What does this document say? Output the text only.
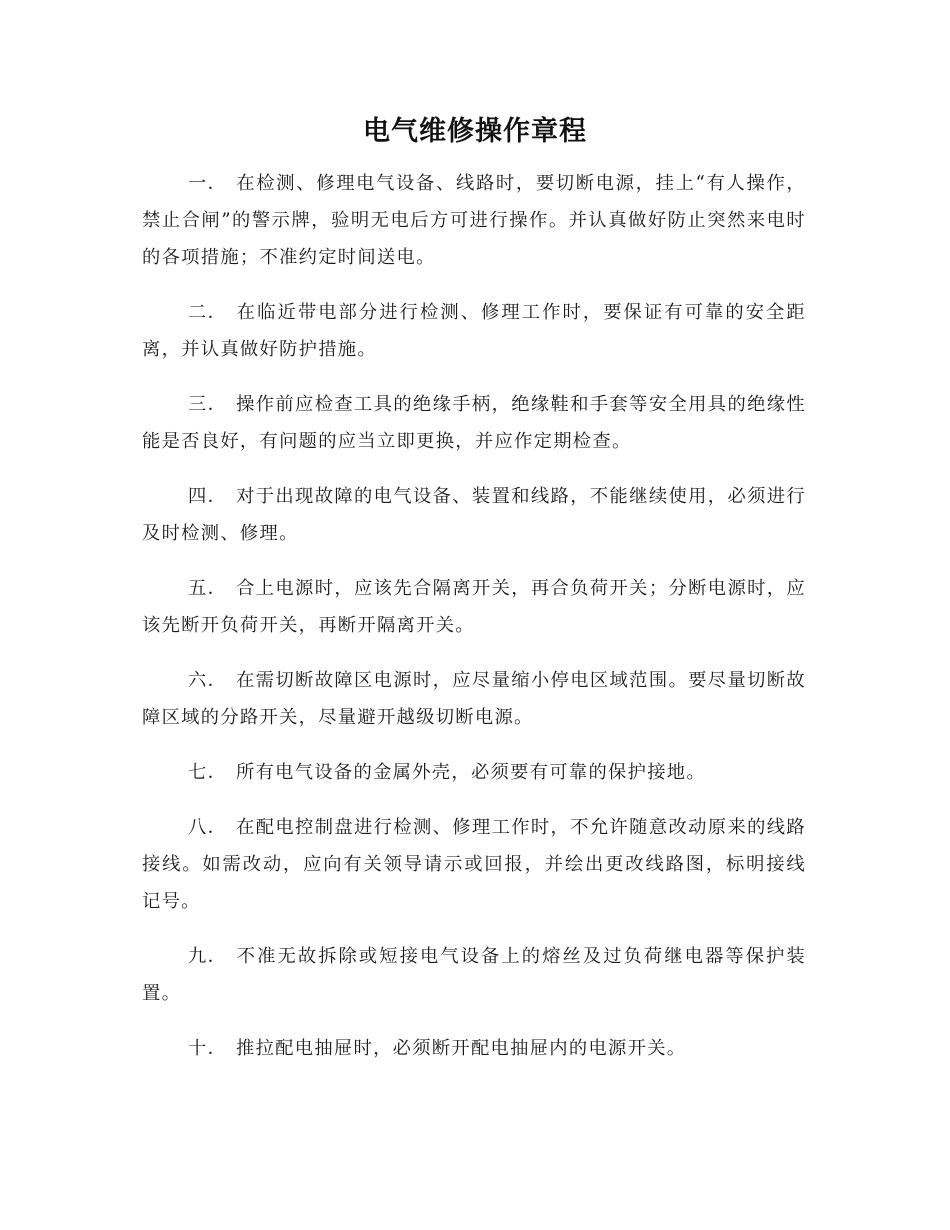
电气维修操作章程

一． 在检测、修理电气设备、线路时，要切断电源，挂上“有人操作，禁止合闸”的警示牌，验明无电后方可进行操作。并认真做好防止突然来电时的各项措施；不准约定时间送电。

二． 在临近带电部分进行检测、修理工作时，要保证有可靠的安全距离，并认真做好防护措施。

三． 操作前应检查工具的绝缘手柄，绝缘鞋和手套等安全用具的绝缘性能是否良好，有问题的应当立即更换，并应作定期检查。

四． 对于出现故障的电气设备、装置和线路，不能继续使用，必须进行及时检测、修理。

五． 合上电源时，应该先合隔离开关，再合负荷开关；分断电源时，应该先断开负荷开关，再断开隔离开关。

六． 在需切断故障区电源时，应尽量缩小停电区域范围。要尽量切断故障区域的分路开关，尽量避开越级切断电源。

七． 所有电气设备的金属外壳，必须要有可靠的保护接地。

八． 在配电控制盘进行检测、修理工作时，不允许随意改动原来的线路接线。如需改动，应向有关领导请示或回报，并绘出更改线路图，标明接线记号。

九． 不准无故拆除或短接电气设备上的熔丝及过负荷继电器等保护装置。

十． 推拉配电抽屉时，必须断开配电抽屉内的电源开关。
